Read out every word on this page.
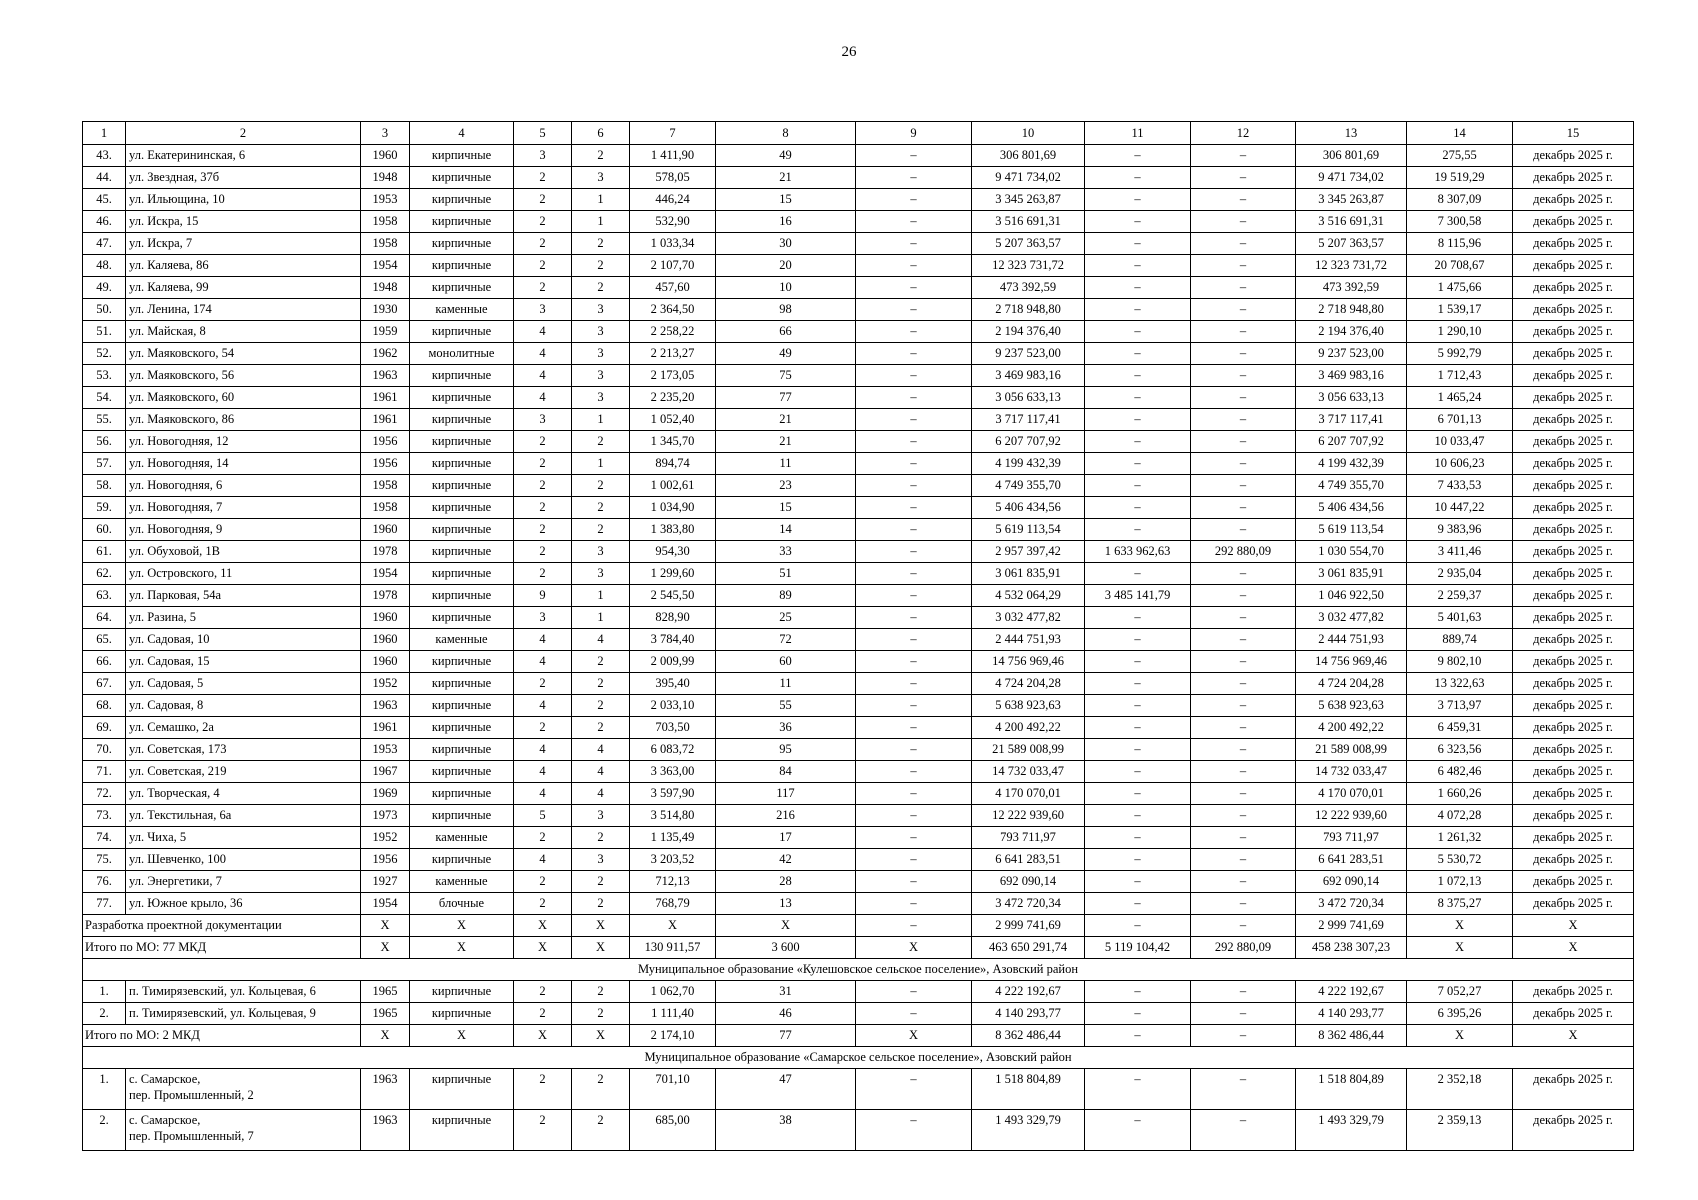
26
1	2	3	4	5	6	7	8	9	10	11	12	13	14	15
43.	ул. Екатерининская, 6	1960	кирпичные	3	2	1 411,90	49	–	306 801,69	–	–	306 801,69	275,55	декабрь 2025 г.
44.	ул. Звездная, 37б	1948	кирпичные	2	3	578,05	21	–	9 471 734,02	–	–	9 471 734,02	19 519,29	декабрь 2025 г.
45.	ул. Ильющина, 10	1953	кирпичные	2	1	446,24	15	–	3 345 263,87	–	–	3 345 263,87	8 307,09	декабрь 2025 г.
46.	ул. Искра, 15	1958	кирпичные	2	1	532,90	16	–	3 516 691,31	–	–	3 516 691,31	7 300,58	декабрь 2025 г.
47.	ул. Искра, 7	1958	кирпичные	2	2	1 033,34	30	–	5 207 363,57	–	–	5 207 363,57	8 115,96	декабрь 2025 г.
48.	ул. Каляева, 86	1954	кирпичные	2	2	2 107,70	20	–	12 323 731,72	–	–	12 323 731,72	20 708,67	декабрь 2025 г.
49.	ул. Каляева, 99	1948	кирпичные	2	2	457,60	10	–	473 392,59	–	–	473 392,59	1 475,66	декабрь 2025 г.
50.	ул. Ленина, 174	1930	каменные	3	3	2 364,50	98	–	2 718 948,80	–	–	2 718 948,80	1 539,17	декабрь 2025 г.
51.	ул. Майская, 8	1959	кирпичные	4	3	2 258,22	66	–	2 194 376,40	–	–	2 194 376,40	1 290,10	декабрь 2025 г.
52.	ул. Маяковского, 54	1962	монолитные	4	3	2 213,27	49	–	9 237 523,00	–	–	9 237 523,00	5 992,79	декабрь 2025 г.
53.	ул. Маяковского, 56	1963	кирпичные	4	3	2 173,05	75	–	3 469 983,16	–	–	3 469 983,16	1 712,43	декабрь 2025 г.
54.	ул. Маяковского, 60	1961	кирпичные	4	3	2 235,20	77	–	3 056 633,13	–	–	3 056 633,13	1 465,24	декабрь 2025 г.
55.	ул. Маяковского, 86	1961	кирпичные	3	1	1 052,40	21	–	3 717 117,41	–	–	3 717 117,41	6 701,13	декабрь 2025 г.
56.	ул. Новогодняя, 12	1956	кирпичные	2	2	1 345,70	21	–	6 207 707,92	–	–	6 207 707,92	10 033,47	декабрь 2025 г.
57.	ул. Новогодняя, 14	1956	кирпичные	2	1	894,74	11	–	4 199 432,39	–	–	4 199 432,39	10 606,23	декабрь 2025 г.
58.	ул. Новогодняя, 6	1958	кирпичные	2	2	1 002,61	23	–	4 749 355,70	–	–	4 749 355,70	7 433,53	декабрь 2025 г.
59.	ул. Новогодняя, 7	1958	кирпичные	2	2	1 034,90	15	–	5 406 434,56	–	–	5 406 434,56	10 447,22	декабрь 2025 г.
60.	ул. Новогодняя, 9	1960	кирпичные	2	2	1 383,80	14	–	5 619 113,54	–	–	5 619 113,54	9 383,96	декабрь 2025 г.
61.	ул. Обуховой, 1В	1978	кирпичные	2	3	954,30	33	–	2 957 397,42	1 633 962,63	292 880,09	1 030 554,70	3 411,46	декабрь 2025 г.
62.	ул. Островского, 11	1954	кирпичные	2	3	1 299,60	51	–	3 061 835,91	–	–	3 061 835,91	2 935,04	декабрь 2025 г.
63.	ул. Парковая, 54а	1978	кирпичные	9	1	2 545,50	89	–	4 532 064,29	3 485 141,79	–	1 046 922,50	2 259,37	декабрь 2025 г.
64.	ул. Разина, 5	1960	кирпичные	3	1	828,90	25	–	3 032 477,82	–	–	3 032 477,82	5 401,63	декабрь 2025 г.
65.	ул. Садовая, 10	1960	каменные	4	4	3 784,40	72	–	2 444 751,93	–	–	2 444 751,93	889,74	декабрь 2025 г.
66.	ул. Садовая, 15	1960	кирпичные	4	2	2 009,99	60	–	14 756 969,46	–	–	14 756 969,46	9 802,10	декабрь 2025 г.
67.	ул. Садовая, 5	1952	кирпичные	2	2	395,40	11	–	4 724 204,28	–	–	4 724 204,28	13 322,63	декабрь 2025 г.
68.	ул. Садовая, 8	1963	кирпичные	4	2	2 033,10	55	–	5 638 923,63	–	–	5 638 923,63	3 713,97	декабрь 2025 г.
69.	ул. Семашко, 2а	1961	кирпичные	2	2	703,50	36	–	4 200 492,22	–	–	4 200 492,22	6 459,31	декабрь 2025 г.
70.	ул. Советская, 173	1953	кирпичные	4	4	6 083,72	95	–	21 589 008,99	–	–	21 589 008,99	6 323,56	декабрь 2025 г.
71.	ул. Советская, 219	1967	кирпичные	4	4	3 363,00	84	–	14 732 033,47	–	–	14 732 033,47	6 482,46	декабрь 2025 г.
72.	ул. Творческая, 4	1969	кирпичные	4	4	3 597,90	117	–	4 170 070,01	–	–	4 170 070,01	1 660,26	декабрь 2025 г.
73.	ул. Текстильная, 6а	1973	кирпичные	5	3	3 514,80	216	–	12 222 939,60	–	–	12 222 939,60	4 072,28	декабрь 2025 г.
74.	ул. Чиха, 5	1952	каменные	2	2	1 135,49	17	–	793 711,97	–	–	793 711,97	1 261,32	декабрь 2025 г.
75.	ул. Шевченко, 100	1956	кирпичные	4	3	3 203,52	42	–	6 641 283,51	–	–	6 641 283,51	5 530,72	декабрь 2025 г.
76.	ул. Энергетики, 7	1927	каменные	2	2	712,13	28	–	692 090,14	–	–	692 090,14	1 072,13	декабрь 2025 г.
77.	ул. Южное крыло, 36	1954	блочные	2	2	768,79	13	–	3 472 720,34	–	–	3 472 720,34	8 375,27	декабрь 2025 г.
Разработка проектной документации		X	X	X	X	X	X	–	2 999 741,69	–	–	2 999 741,69	X	X
Итого по МО: 77 МКД		X	X	X	X	130 911,57	3 600	X	463 650 291,74	5 119 104,42	292 880,09	458 238 307,23	X	X
Муниципальное образование «Кулешовское сельское поселение», Азовский район														
1.	п. Тимирязевский, ул. Кольцевая, 6	1965	кирпичные	2	2	1 062,70	31	–	4 222 192,67	–	–	4 222 192,67	7 052,27	декабрь 2025 г.
2.	п. Тимирязевский, ул. Кольцевая, 9	1965	кирпичные	2	2	1 111,40	46	–	4 140 293,77	–	–	4 140 293,77	6 395,26	декабрь 2025 г.
Итого по МО: 2 МКД		X	X	X	X	2 174,10	77	X	8 362 486,44	–	–	8 362 486,44	X	X
Муниципальное образование «Самарское сельское поселение», Азовский район														
1.	с. Самарское,
пер. Промышленный, 2	1963	кирпичные	2	2	701,10	47	–	1 518 804,89	–	–	1 518 804,89	2 352,18	декабрь 2025 г.
2.	с. Самарское,
пер. Промышленный, 7	1963	кирпичные	2	2	685,00	38	–	1 493 329,79	–	–	1 493 329,79	2 359,13	декабрь 2025 г.
